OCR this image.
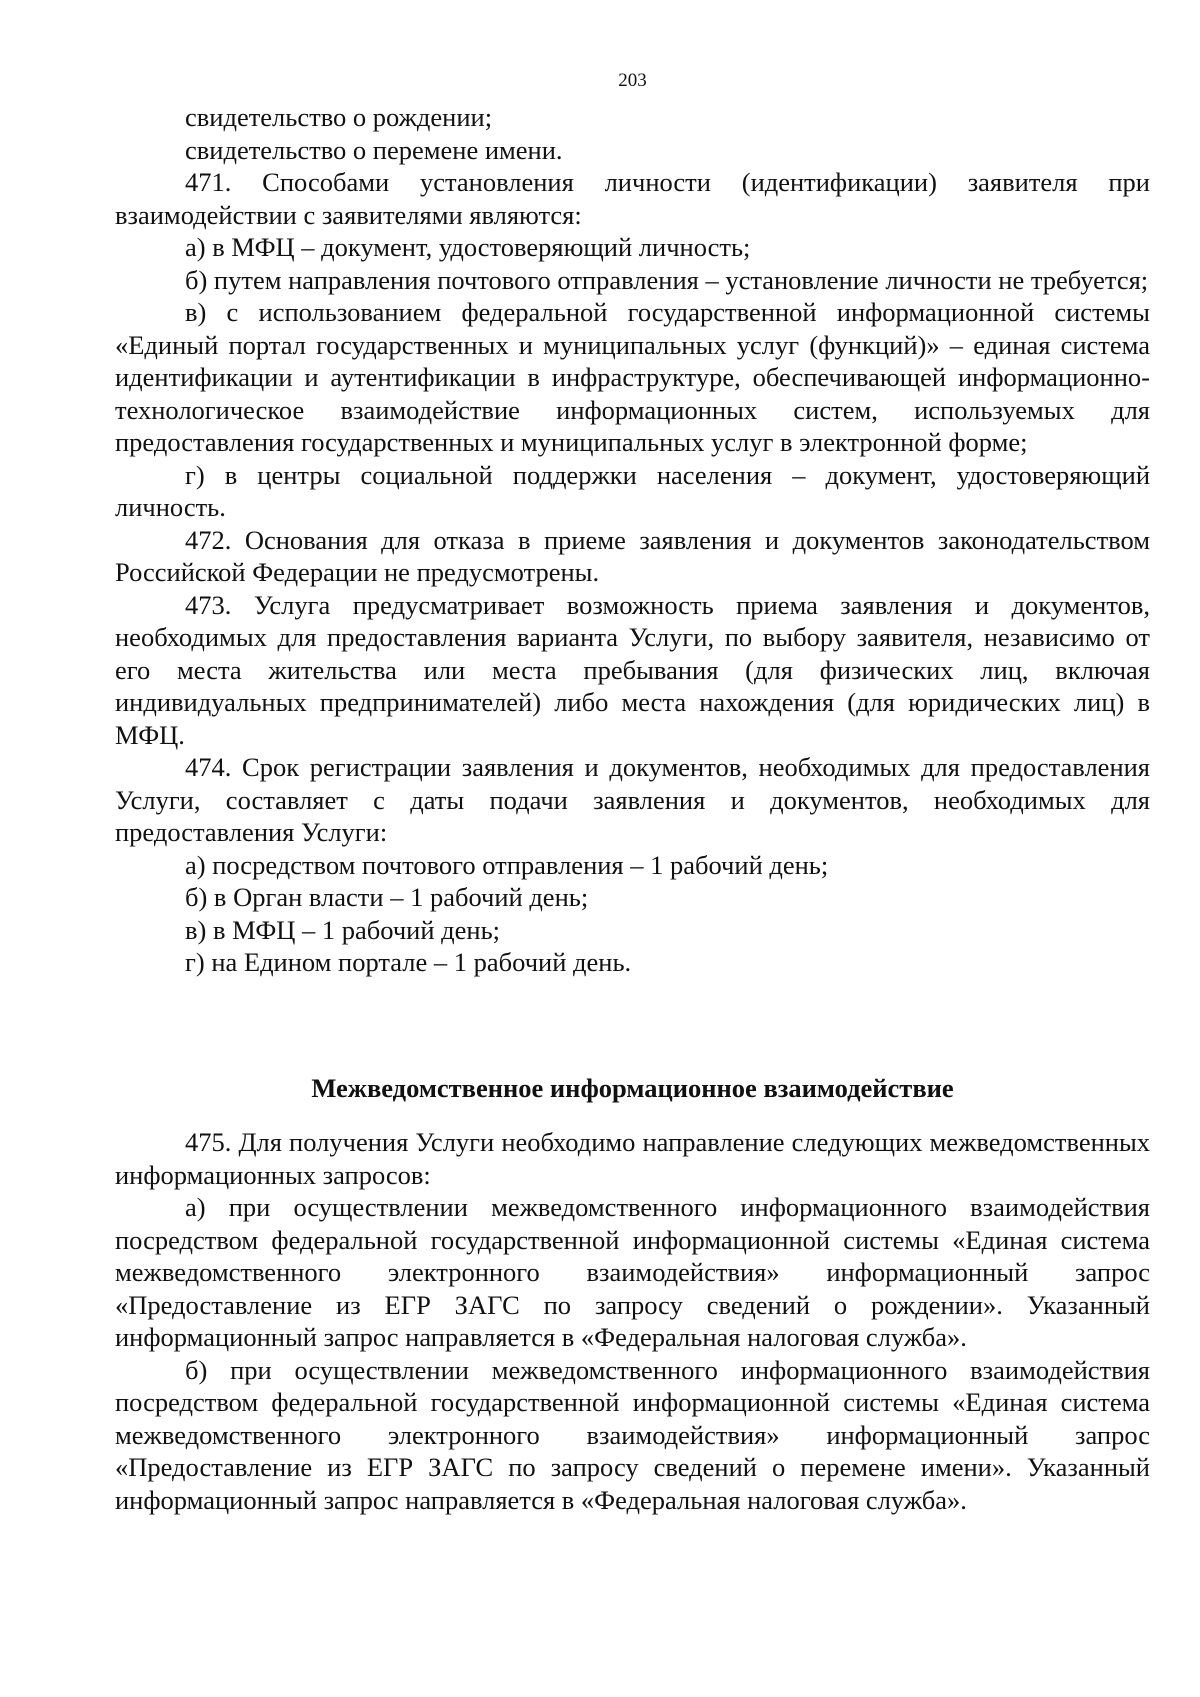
203

свидетельство о рождении;

свидетельство о перемене имени.

471. Способами установления личности (идентификации) заявителя при взаимодействии с заявителями являются:

а) в МФЦ – документ, удостоверяющий личность;

б) путем направления почтового отправления – установление личности не требуется;

в) с использованием федеральной государственной информационной системы «Единый портал государственных и муниципальных услуг (функций)» – единая система идентификации и аутентификации в инфраструктуре, обеспечивающей информационно-технологическое взаимодействие информационных систем, используемых для предоставления государственных и муниципальных услуг в электронной форме;

г) в центры социальной поддержки населения – документ, удостоверяющий личность.

472. Основания для отказа в приеме заявления и документов законодательством Российской Федерации не предусмотрены.

473. Услуга предусматривает возможность приема заявления и документов, необходимых для предоставления варианта Услуги, по выбору заявителя, независимо от его места жительства или места пребывания (для физических лиц, включая индивидуальных предпринимателей) либо места нахождения (для юридических лиц) в МФЦ.

474. Срок регистрации заявления и документов, необходимых для предоставления Услуги, составляет с даты подачи заявления и документов, необходимых для предоставления Услуги:

а) посредством почтового отправления – 1 рабочий день;

б) в Орган власти – 1 рабочий день;

в) в МФЦ – 1 рабочий день;

г) на Едином портале – 1 рабочий день.

Межведомственное информационное взаимодействие

475. Для получения Услуги необходимо направление следующих межведомственных информационных запросов:

а) при осуществлении межведомственного информационного взаимодействия посредством федеральной государственной информационной системы «Единая система межведомственного электронного взаимодействия» информационный запрос «Предоставление из ЕГР ЗАГС по запросу сведений о рождении». Указанный информационный запрос направляется в «Федеральная налоговая служба».

б) при осуществлении межведомственного информационного взаимодействия посредством федеральной государственной информационной системы «Единая система межведомственного электронного взаимодействия» информационный запрос «Предоставление из ЕГР ЗАГС по запросу сведений о перемене имени». Указанный информационный запрос направляется в «Федеральная налоговая служба».
